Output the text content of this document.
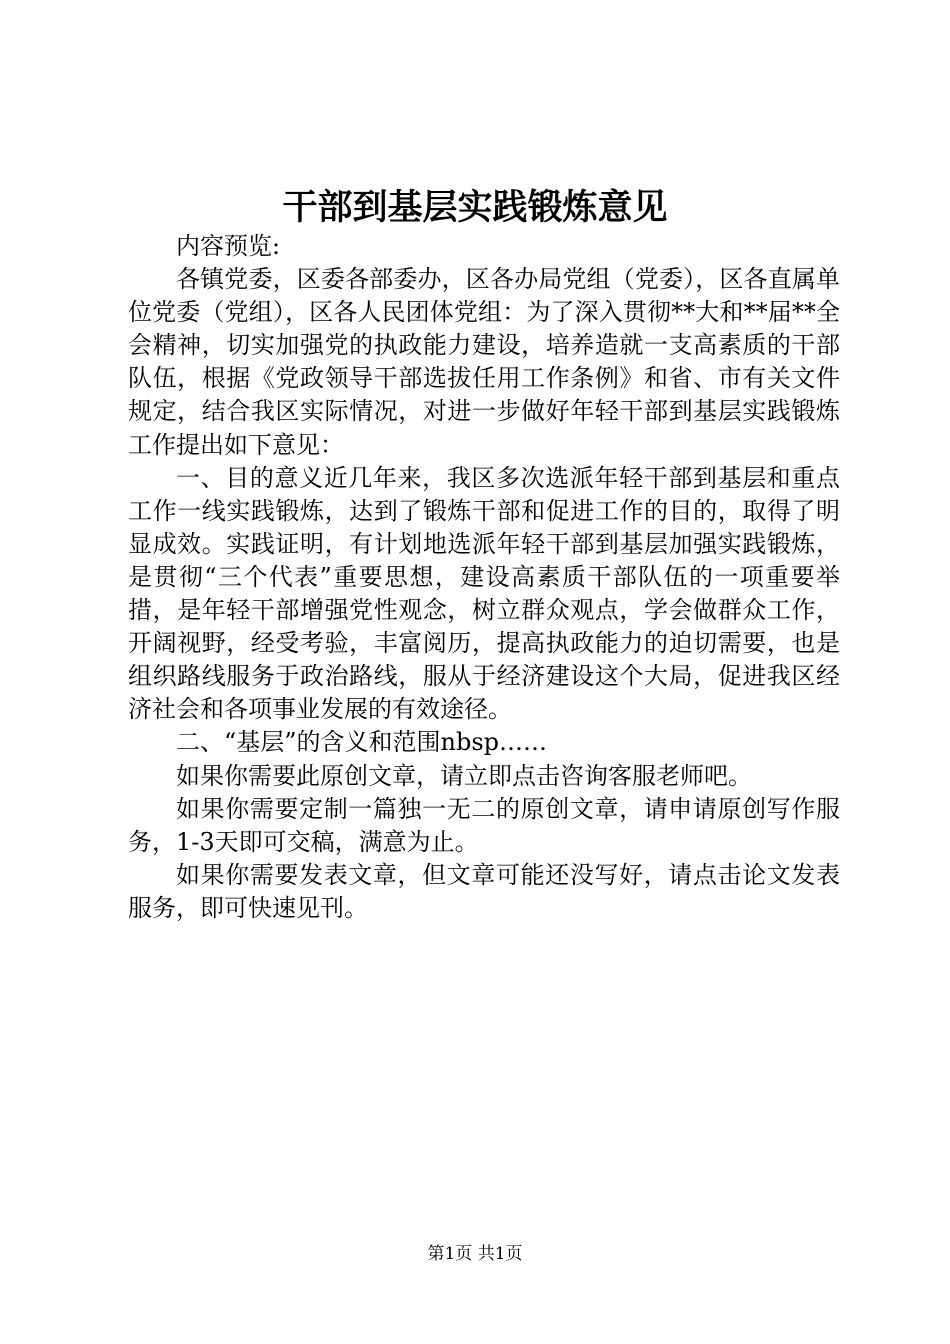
干部到基层实践锻炼意见

内容预览:

各镇党委，区委各部委办，区各办局党组（党委），区各直属单位党委（党组），区各人民团体党组：为了深入贯彻**大和**届**全会精神，切实加强党的执政能力建设，培养造就一支高素质的干部队伍，根据《党政领导干部选拔任用工作条例》和省、市有关文件规定，结合我区实际情况，对进一步做好年轻干部到基层实践锻炼工作提出如下意见：

一、目的意义近几年来，我区多次选派年轻干部到基层和重点工作一线实践锻炼，达到了锻炼干部和促进工作的目的，取得了明显成效。实践证明，有计划地选派年轻干部到基层加强实践锻炼，是贯彻“三个代表”重要思想，建设高素质干部队伍的一项重要举措，是年轻干部增强党性观念，树立群众观点，学会做群众工作，开阔视野，经受考验，丰富阅历，提高执政能力的迫切需要，也是组织路线服务于政治路线，服从于经济建设这个大局，促进我区经济社会和各项事业发展的有效途径。

二、“基层”的含义和范围nbsp……

如果你需要此原创文章，请立即点击咨询客服老师吧。

如果你需要定制一篇独一无二的原创文章，请申请原创写作服务，1-3天即可交稿，满意为止。

如果你需要发表文章，但文章可能还没写好，请点击论文发表服务，即可快速见刊。

第1页 共1页
